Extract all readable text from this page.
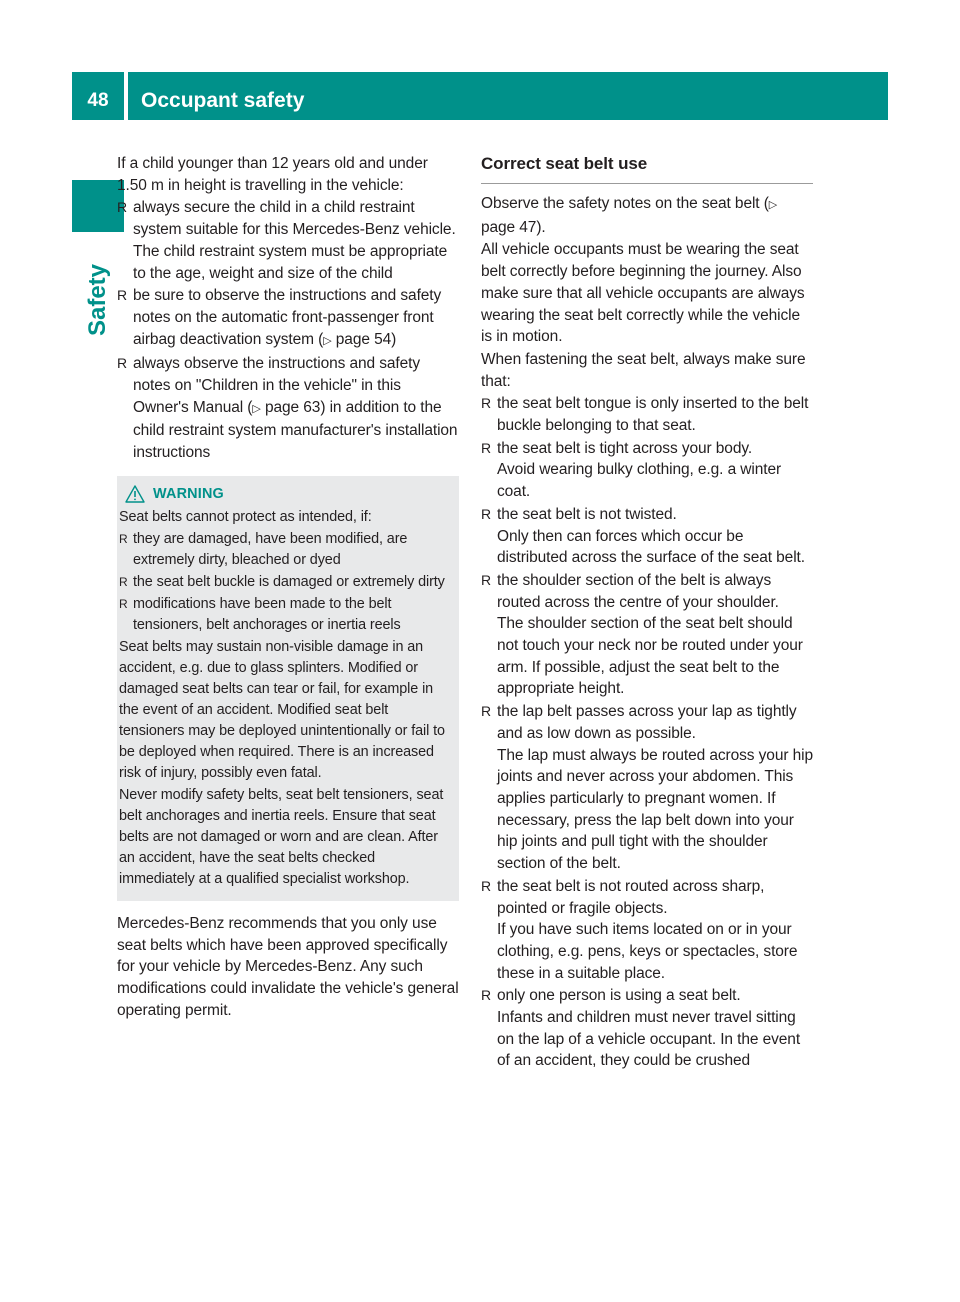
48	Occupant safety
Safety

If a child younger than 12 years old and under 1.50 m in height is travelling in the vehicle:

R always secure the child in a child restraint system suitable for this Mercedes-Benz vehicle. The child restraint system must be appropriate to the age, weight and size of the child
R be sure to observe the instructions and safety notes on the automatic front-passenger front airbag deactivation system (▷ page 54)
R always observe the instructions and safety notes on "Children in the vehicle" in this Owner's Manual (▷ page 63) in addition to the child restraint system manufacturer's installation instructions
WARNING

Seat belts cannot protect as intended, if:

R they are damaged, have been modified, are extremely dirty, bleached or dyed
R the seat belt buckle is damaged or extremely dirty
R modifications have been made to the belt tensioners, belt anchorages or inertia reels

Seat belts may sustain non-visible damage in an accident, e.g. due to glass splinters. Modified or damaged seat belts can tear or fail, for example in the event of an accident. Modified seat belt tensioners may be deployed unintentionally or fail to be deployed when required. There is an increased risk of injury, possibly even fatal.

Never modify safety belts, seat belt tensioners, seat belt anchorages and inertia reels. Ensure that seat belts are not damaged or worn and are clean. After an accident, have the seat belts checked immediately at a qualified specialist workshop.

Mercedes-Benz recommends that you only use seat belts which have been approved specifically for your vehicle by Mercedes-Benz. Any such modifications could invalidate the vehicle's general operating permit.

Correct seat belt use

Observe the safety notes on the seat belt (▷ page 47).

All vehicle occupants must be wearing the seat belt correctly before beginning the journey. Also make sure that all vehicle occupants are always wearing the seat belt correctly while the vehicle is in motion.

When fastening the seat belt, always make sure that:

R the seat belt tongue is only inserted to the belt buckle belonging to that seat.
R the seat belt is tight across your body.
Avoid wearing bulky clothing, e.g. a winter coat.
R the seat belt is not twisted.
Only then can forces which occur be distributed across the surface of the seat belt.
R the shoulder section of the belt is always routed across the centre of your shoulder.
The shoulder section of the seat belt should not touch your neck nor be routed under your arm. If possible, adjust the seat belt to the appropriate height.
R the lap belt passes across your lap as tightly and as low down as possible.
The lap must always be routed across your hip joints and never across your abdomen. This applies particularly to pregnant women. If necessary, press the lap belt down into your hip joints and pull tight with the shoulder section of the belt.
R the seat belt is not routed across sharp, pointed or fragile objects.
If you have such items located on or in your clothing, e.g. pens, keys or spectacles, store these in a suitable place.
R only one person is using a seat belt.
Infants and children must never travel sitting on the lap of a vehicle occupant. In the event of an accident, they could be crushed
